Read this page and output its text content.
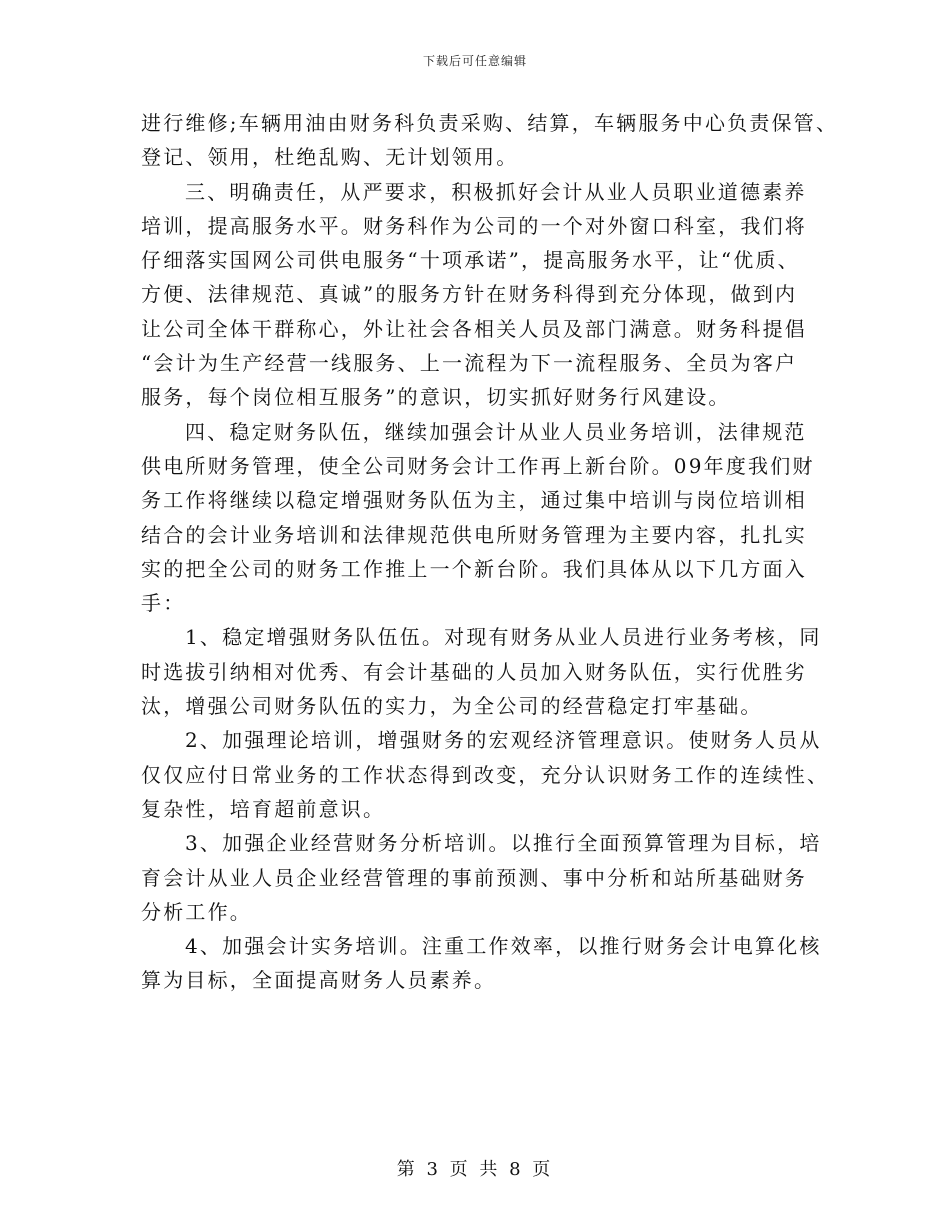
下载后可任意编辑
进行维修;车辆用油由财务科负责采购、结算，车辆服务中心负责保管、
登记、领用，杜绝乱购、无计划领用。
三、明确责任，从严要求，积极抓好会计从业人员职业道德素养
培训，提高服务水平。财务科作为公司的一个对外窗口科室，我们将
仔细落实国网公司供电服务“十项承诺”，提高服务水平，让“优质、
方便、法律规范、真诚”的服务方针在财务科得到充分体现，做到内
让公司全体干群称心，外让社会各相关人员及部门满意。财务科提倡
“会计为生产经营一线服务、上一流程为下一流程服务、全员为客户
服务，每个岗位相互服务”的意识，切实抓好财务行风建设。
四、稳定财务队伍，继续加强会计从业人员业务培训，法律规范
供电所财务管理，使全公司财务会计工作再上新台阶。09年度我们财
务工作将继续以稳定增强财务队伍为主，通过集中培训与岗位培训相
结合的会计业务培训和法律规范供电所财务管理为主要内容，扎扎实
实的把全公司的财务工作推上一个新台阶。我们具体从以下几方面入
手：
1、稳定增强财务队伍伍。对现有财务从业人员进行业务考核，同
时选拔引纳相对优秀、有会计基础的人员加入财务队伍，实行优胜劣
汰，增强公司财务队伍的实力，为全公司的经营稳定打牢基础。
2、加强理论培训，增强财务的宏观经济管理意识。使财务人员从
仅仅应付日常业务的工作状态得到改变，充分认识财务工作的连续性、
复杂性，培育超前意识。
3、加强企业经营财务分析培训。以推行全面预算管理为目标，培
育会计从业人员企业经营管理的事前预测、事中分析和站所基础财务
分析工作。
4、加强会计实务培训。注重工作效率，以推行财务会计电算化核
算为目标，全面提高财务人员素养。
第 3 页 共 8 页
